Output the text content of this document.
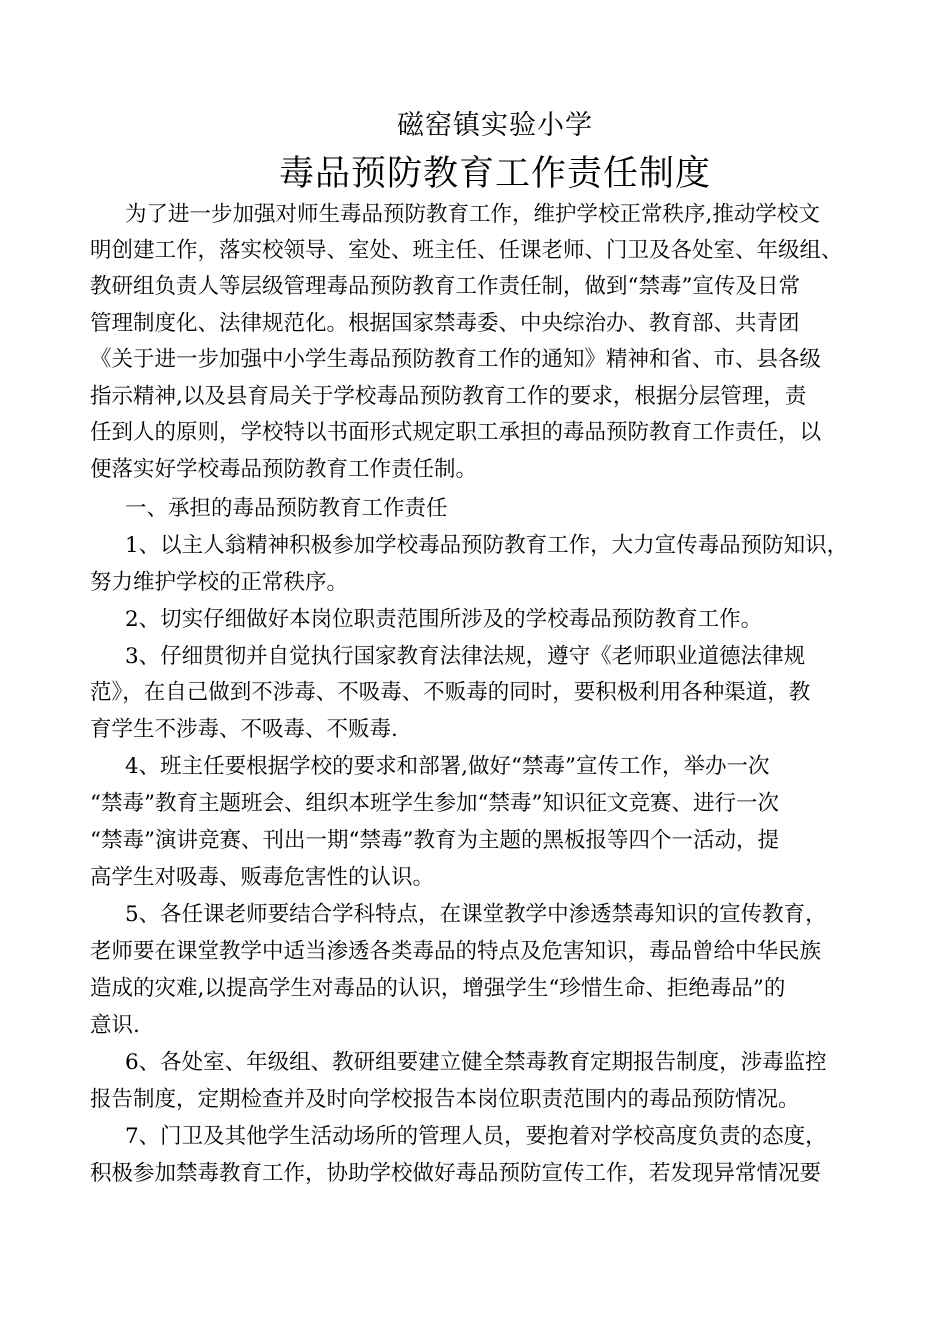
磁窑镇实验小学
毒品预防教育工作责任制度
为了进一步加强对师生毒品预防教育工作，维护学校正常秩序,推动学校文
明创建工作，落实校领导、室处、班主任、任课老师、门卫及各处室、年级组、
教研组负责人等层级管理毒品预防教育工作责任制，做到“禁毒”宣传及日常
管理制度化、法律规范化。根据国家禁毒委、中央综治办、教育部、共青团
《关于进一步加强中小学生毒品预防教育工作的通知》精神和省、市、县各级
指示精神,以及县育局关于学校毒品预防教育工作的要求，根据分层管理，责
任到人的原则，学校特以书面形式规定职工承担的毒品预防教育工作责任，以
便落实好学校毒品预防教育工作责任制。
一、承担的毒品预防教育工作责任
1、以主人翁精神积极参加学校毒品预防教育工作，大力宣传毒品预防知识，
努力维护学校的正常秩序。
2、切实仔细做好本岗位职责范围所涉及的学校毒品预防教育工作。
3、仔细贯彻并自觉执行国家教育法律法规，遵守《老师职业道德法律规
范》，在自己做到不涉毒、不吸毒、不贩毒的同时，要积极利用各种渠道，教
育学生不涉毒、不吸毒、不贩毒.
4、班主任要根据学校的要求和部署,做好“禁毒”宣传工作，举办一次
“禁毒”教育主题班会、组织本班学生参加“禁毒”知识征文竞赛、进行一次
“禁毒”演讲竞赛、刊出一期“禁毒”教育为主题的黑板报等四个一活动，提
高学生对吸毒、贩毒危害性的认识。
5、各任课老师要结合学科特点，在课堂教学中渗透禁毒知识的宣传教育，
老师要在课堂教学中适当渗透各类毒品的特点及危害知识，毒品曾给中华民族
造成的灾难,以提高学生对毒品的认识，增强学生“珍惜生命、拒绝毒品”的
意识.
6、各处室、年级组、教研组要建立健全禁毒教育定期报告制度，涉毒监控
报告制度，定期检查并及时向学校报告本岗位职责范围内的毒品预防情况。
7、门卫及其他学生活动场所的管理人员，要抱着对学校高度负责的态度，
积极参加禁毒教育工作，协助学校做好毒品预防宣传工作，若发现异常情况要
